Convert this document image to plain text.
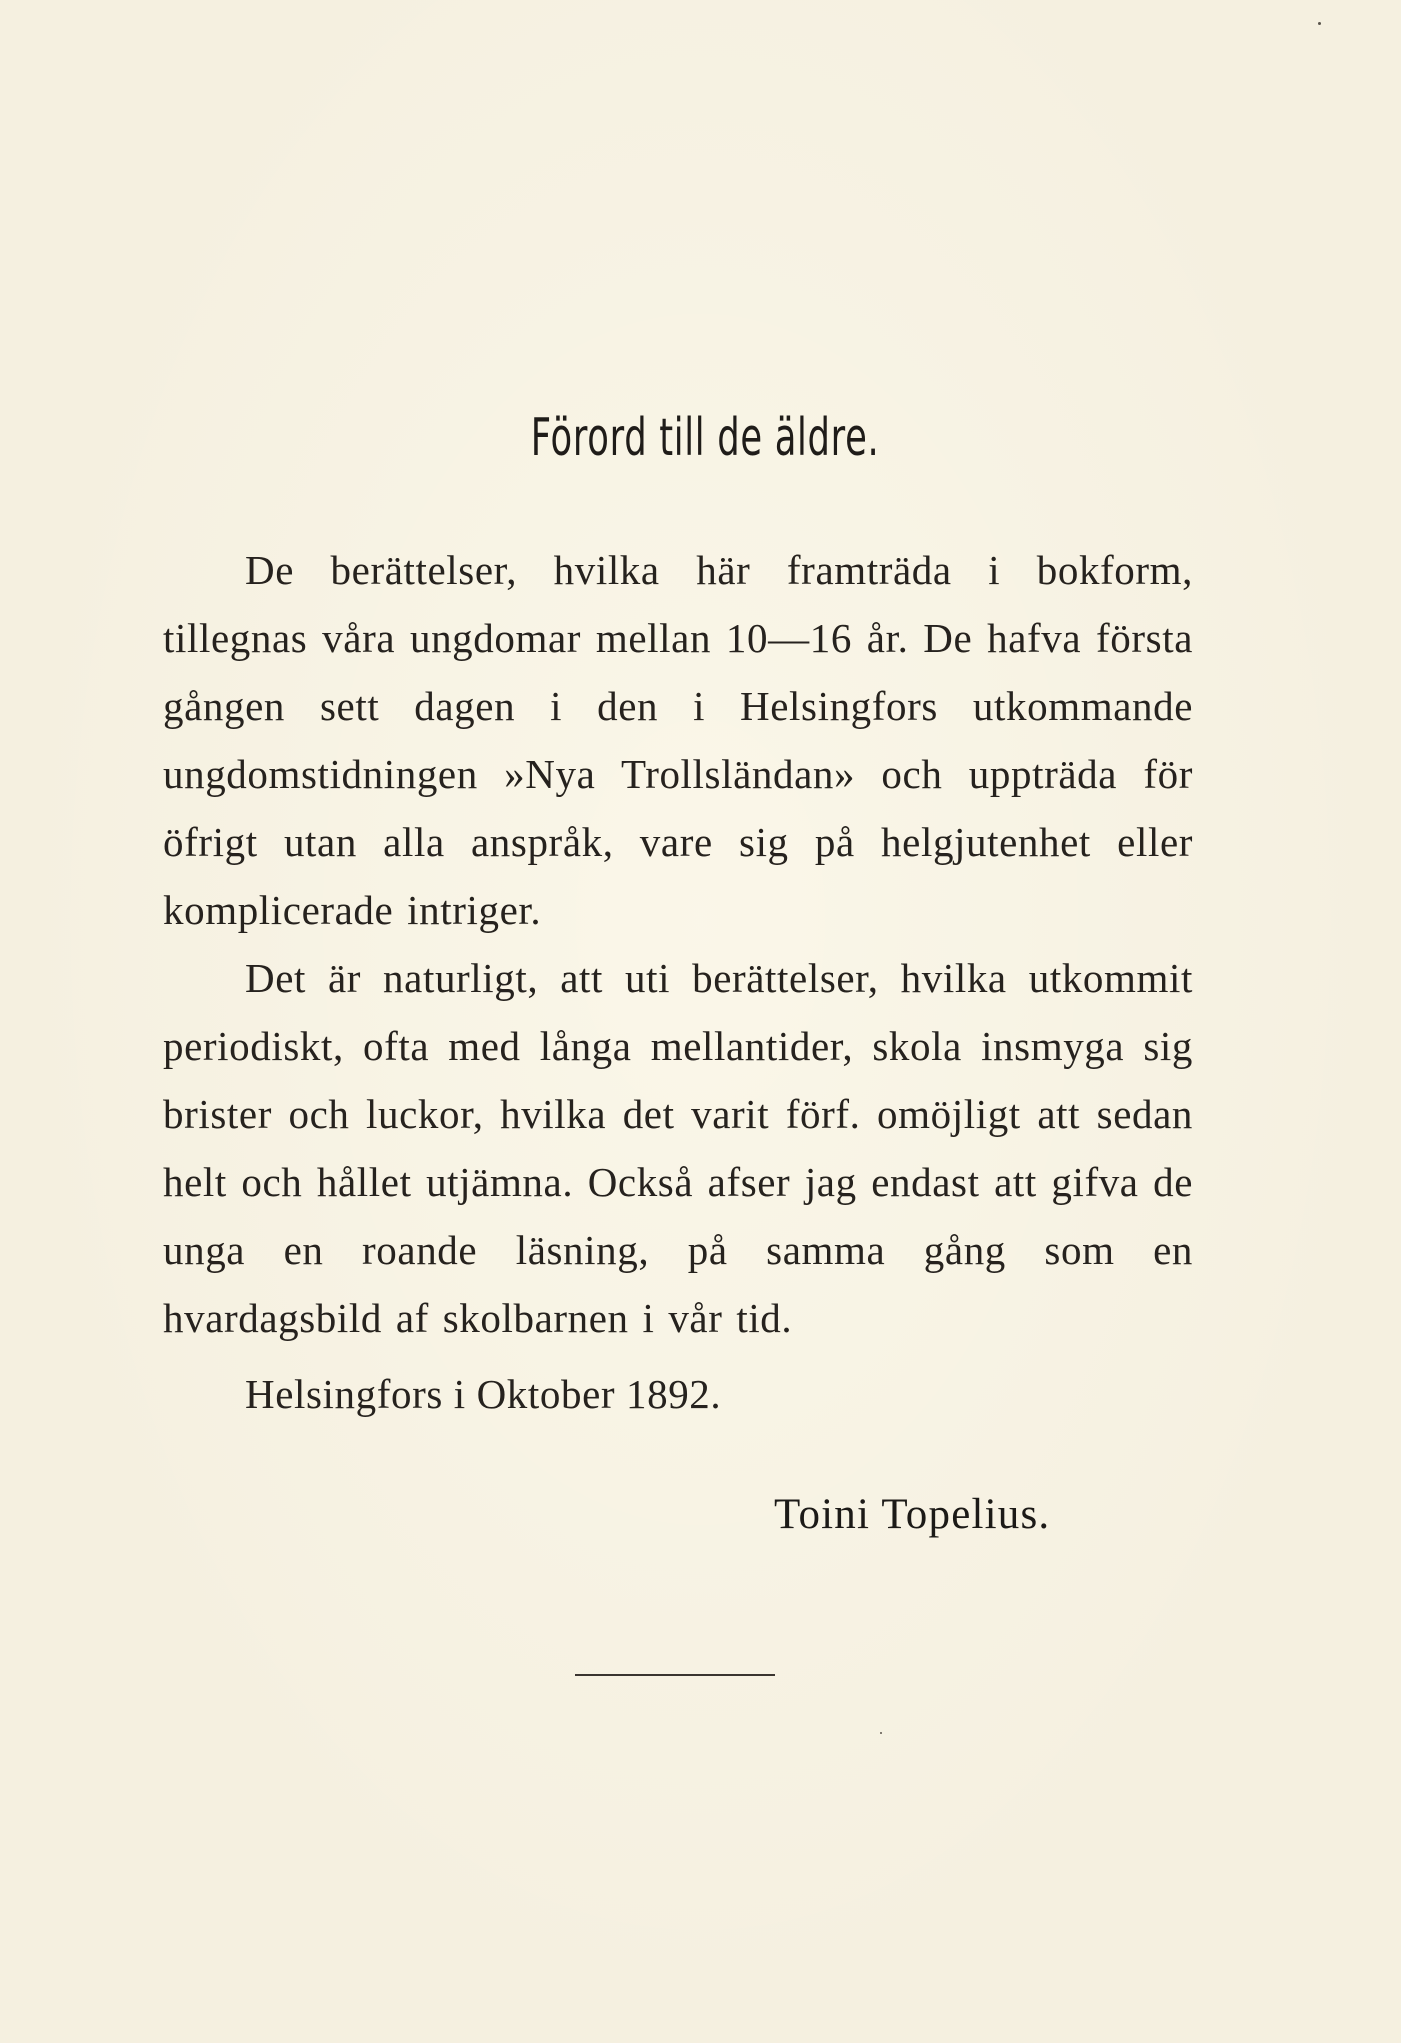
Förord till de äldre.

De berättelser, hvilka här framträda i bokform, tillegnas våra ungdomar mellan 10—16 år. De hafva första gången sett dagen i den i Helsingfors utkommande ungdomstidningen »Nya Trollsländan» och uppträda för öfrigt utan alla anspråk, vare sig på helgjutenhet eller komplicerade intriger.

Det är naturligt, att uti berättelser, hvilka utkommit periodiskt, ofta med långa mellantider, skola insmyga sig brister och luckor, hvilka det varit förf. omöjligt att sedan helt och hållet utjämna. Också afser jag endast att gifva de unga en roande läsning, på samma gång som en hvardagsbild af skolbarnen i vår tid.

Helsingfors i Oktober 1892.

Toini Topelius.
